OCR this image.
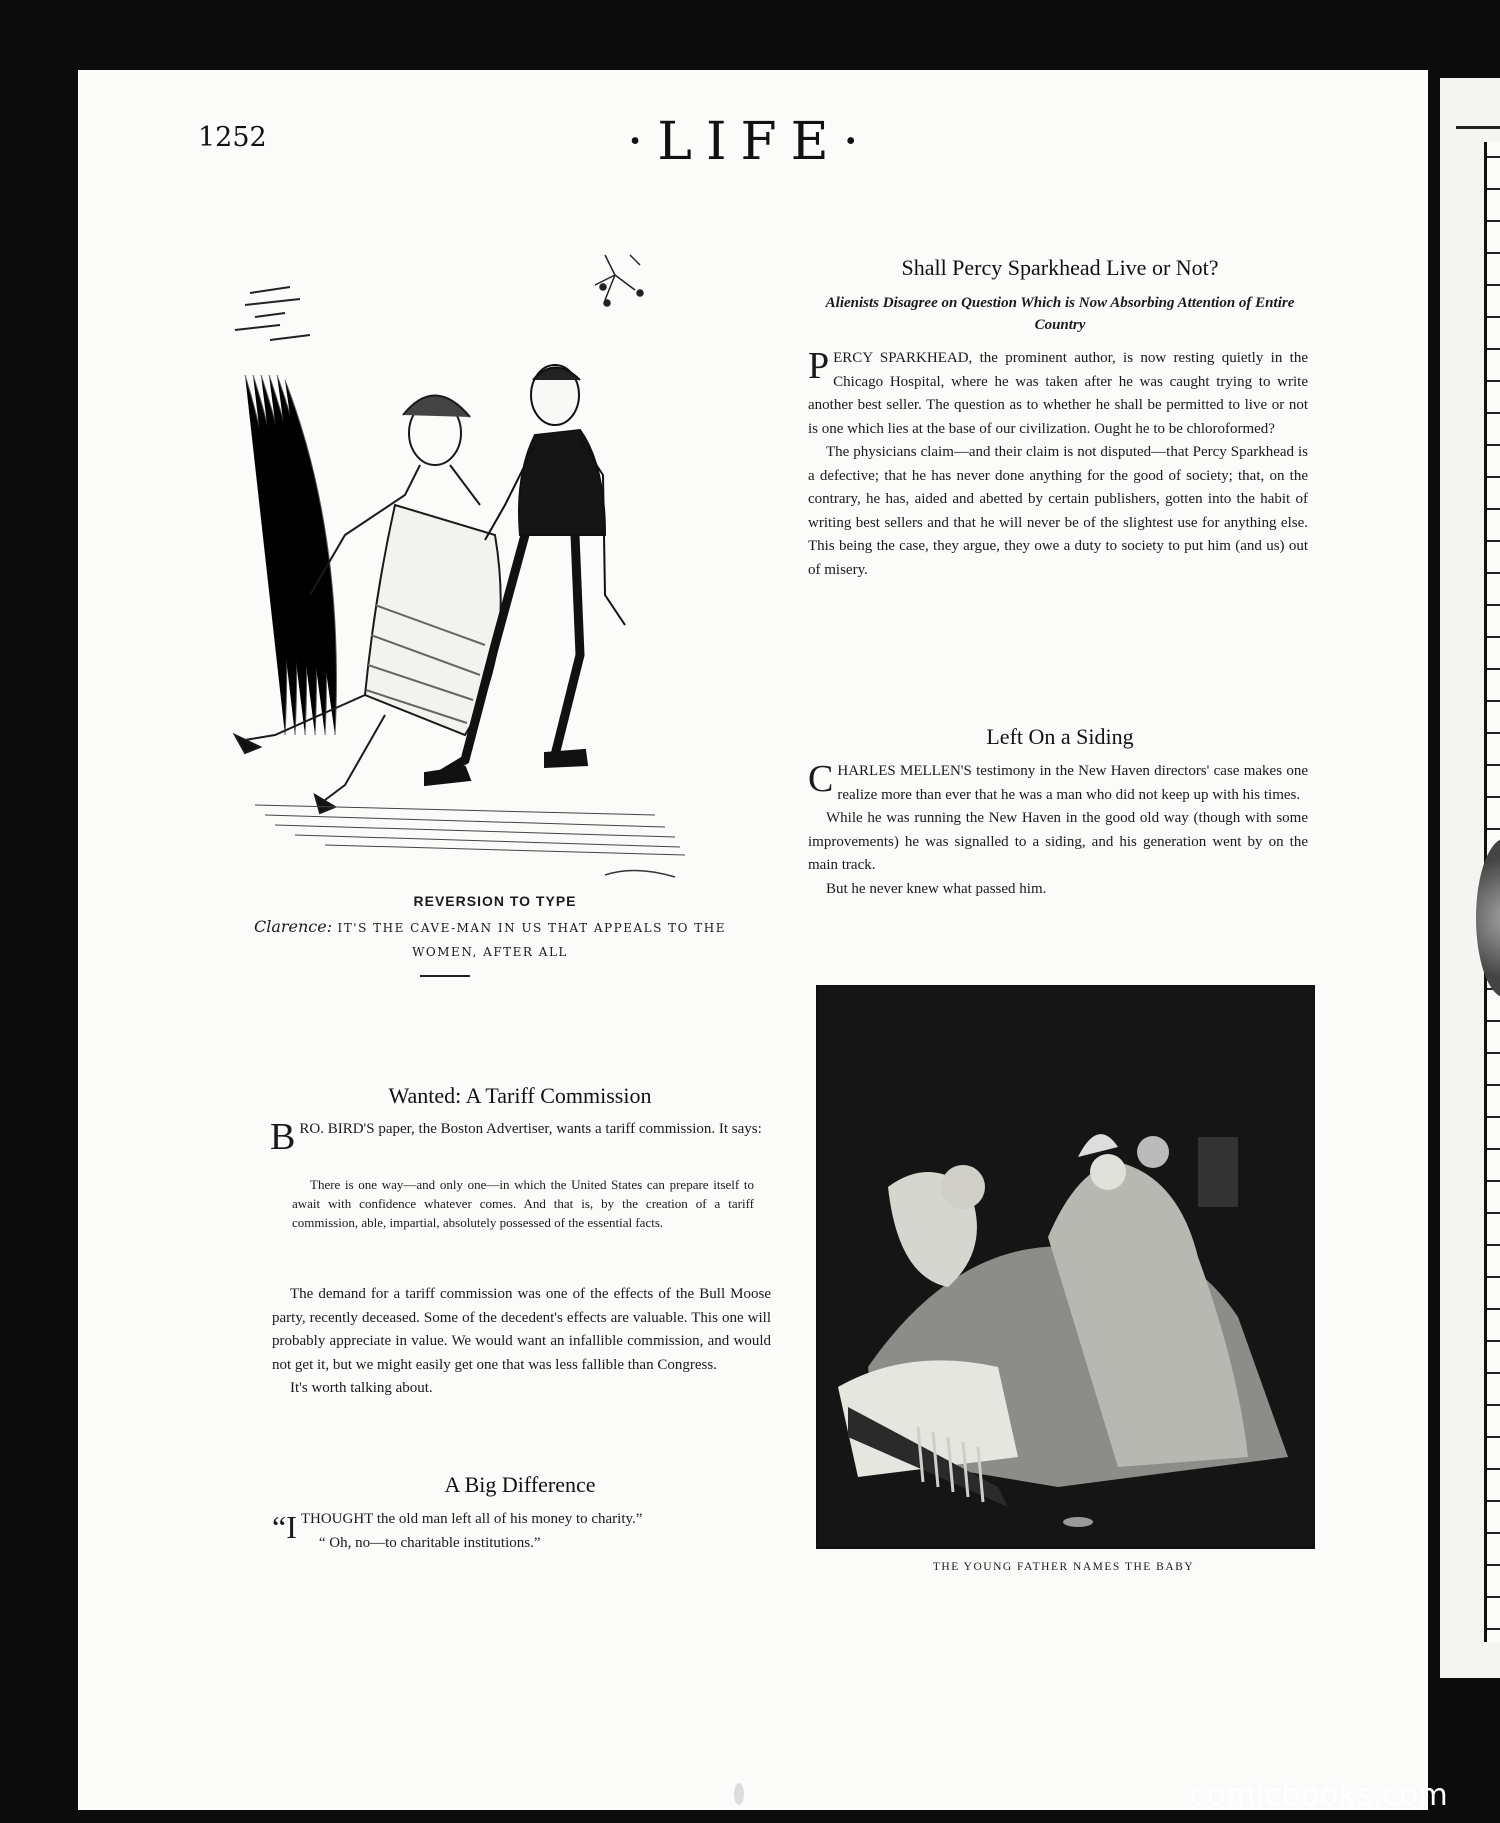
1252	·LIFE·
REVERSION TO TYPE
Clarence: IT'S THE CAVE-MAN IN US THAT APPEALS TO THE
WOMEN, AFTER ALL
Wanted: A Tariff Commission

BRO. BIRD'S paper, the Boston Advertiser, wants a tariff commission. It says:

There is one way—and only one—in which the United States can prepare itself to await with confidence whatever comes. And that is, by the creation of a tariff commission, able, impartial, absolutely possessed of the essential facts.

The demand for a tariff commission was one of the effects of the Bull Moose party, recently deceased. Some of the decedent's effects are valuable. This one will probably appreciate in value. We would want an infallible commission, and would not get it, but we might easily get one that was less fallible than Congress.

It's worth talking about.

A Big Difference

“ITHOUGHT the old man left all of his money to charity.”

“ Oh, no—to charitable institutions.”

Shall Percy Sparkhead Live or Not?
Alienists Disagree on Question Which is Now Absorbing Attention of Entire Country

PERCY SPARKHEAD, the prominent author, is now resting quietly in the Chicago Hospital, where he was taken after he was caught trying to write another best seller. The question as to whether he shall be permitted to live or not is one which lies at the base of our civilization. Ought he to be chloroformed?

The physicians claim—and their claim is not disputed—that Percy Sparkhead is a defective; that he has never done anything for the good of society; that, on the contrary, he has, aided and abetted by certain publishers, gotten into the habit of writing best sellers and that he will never be of the slightest use for anything else. This being the case, they argue, they owe a duty to society to put him (and us) out of misery.

Left On a Siding

CHARLES MELLEN'S testimony in the New Haven directors' case makes one realize more than ever that he was a man who did not keep up with his times.

While he was running the New Haven in the good old way (though with some improvements) he was signalled to a siding, and his generation went by on the main track.

But he never knew what passed him.

THE YOUNG FATHER NAMES THE BABY
comicbooks.com
